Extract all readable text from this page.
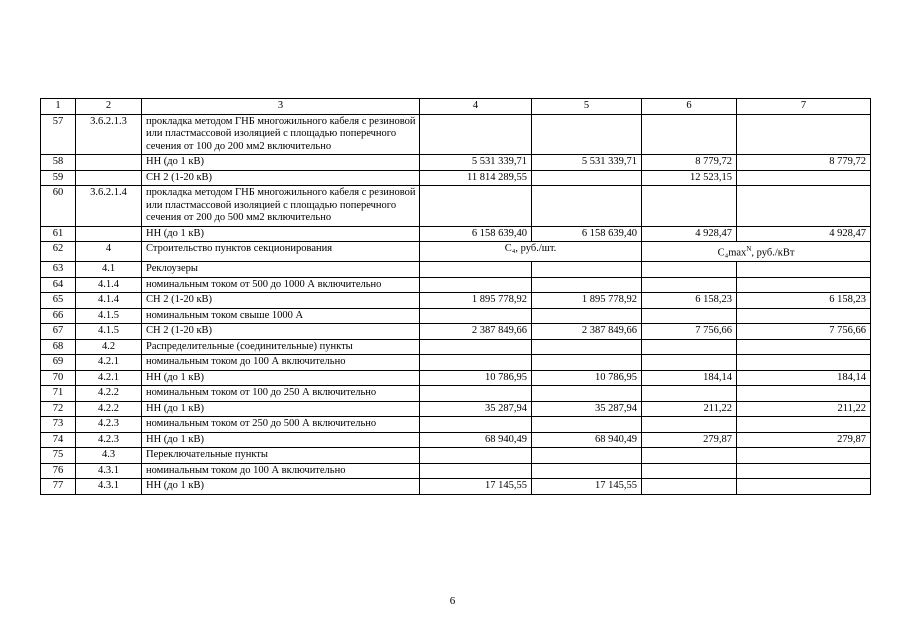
1	2	3	4	5	6	7
57	3.6.2.1.3	прокладка методом ГНБ многожильного кабеля с резиновой или пластмассовой изоляцией с площадью поперечного сечения от 100 до 200 мм2 включительно				
58		НН (до 1 кВ)	5 531 339,71	5 531 339,71	8 779,72	8 779,72
59		СН 2 (1-20 кВ)	11 814 289,55		12 523,15	
60	3.6.2.1.4	прокладка методом ГНБ многожильного кабеля с резиновой или пластмассовой изоляцией с площадью поперечного сечения от 200 до 500 мм2 включительно				
61		НН (до 1 кВ)	6 158 639,40	6 158 639,40	4 928,47	4 928,47
62	4	Строительство пунктов секционирования	C₄, руб./шт.		$C_4\max^N$, руб./кВт	
63	4.1	Реклоузеры				
64	4.1.4	номинальным током от 500 до 1000 А включительно				
65	4.1.4	СН 2 (1-20 кВ)	1 895 778,92	1 895 778,92	6 158,23	6 158,23
66	4.1.5	номинальным током свыше 1000 А				
67	4.1.5	СН 2 (1-20 кВ)	2 387 849,66	2 387 849,66	7 756,66	7 756,66
68	4.2	Распределительные (соединительные) пункты				
69	4.2.1	номинальным током до 100 А включительно				
70	4.2.1	НН (до 1 кВ)	10 786,95	10 786,95	184,14	184,14
71	4.2.2	номинальным током от 100 до 250 А включительно				
72	4.2.2	НН (до 1 кВ)	35 287,94	35 287,94	211,22	211,22
73	4.2.3	номинальным током от 250 до 500 А включительно				
74	4.2.3	НН (до 1 кВ)	68 940,49	68 940,49	279,87	279,87
75	4.3	Переключательные пункты				
76	4.3.1	номинальным током до 100 А включительно				
77	4.3.1	НН (до 1 кВ)	17 145,55	17 145,55		
6
